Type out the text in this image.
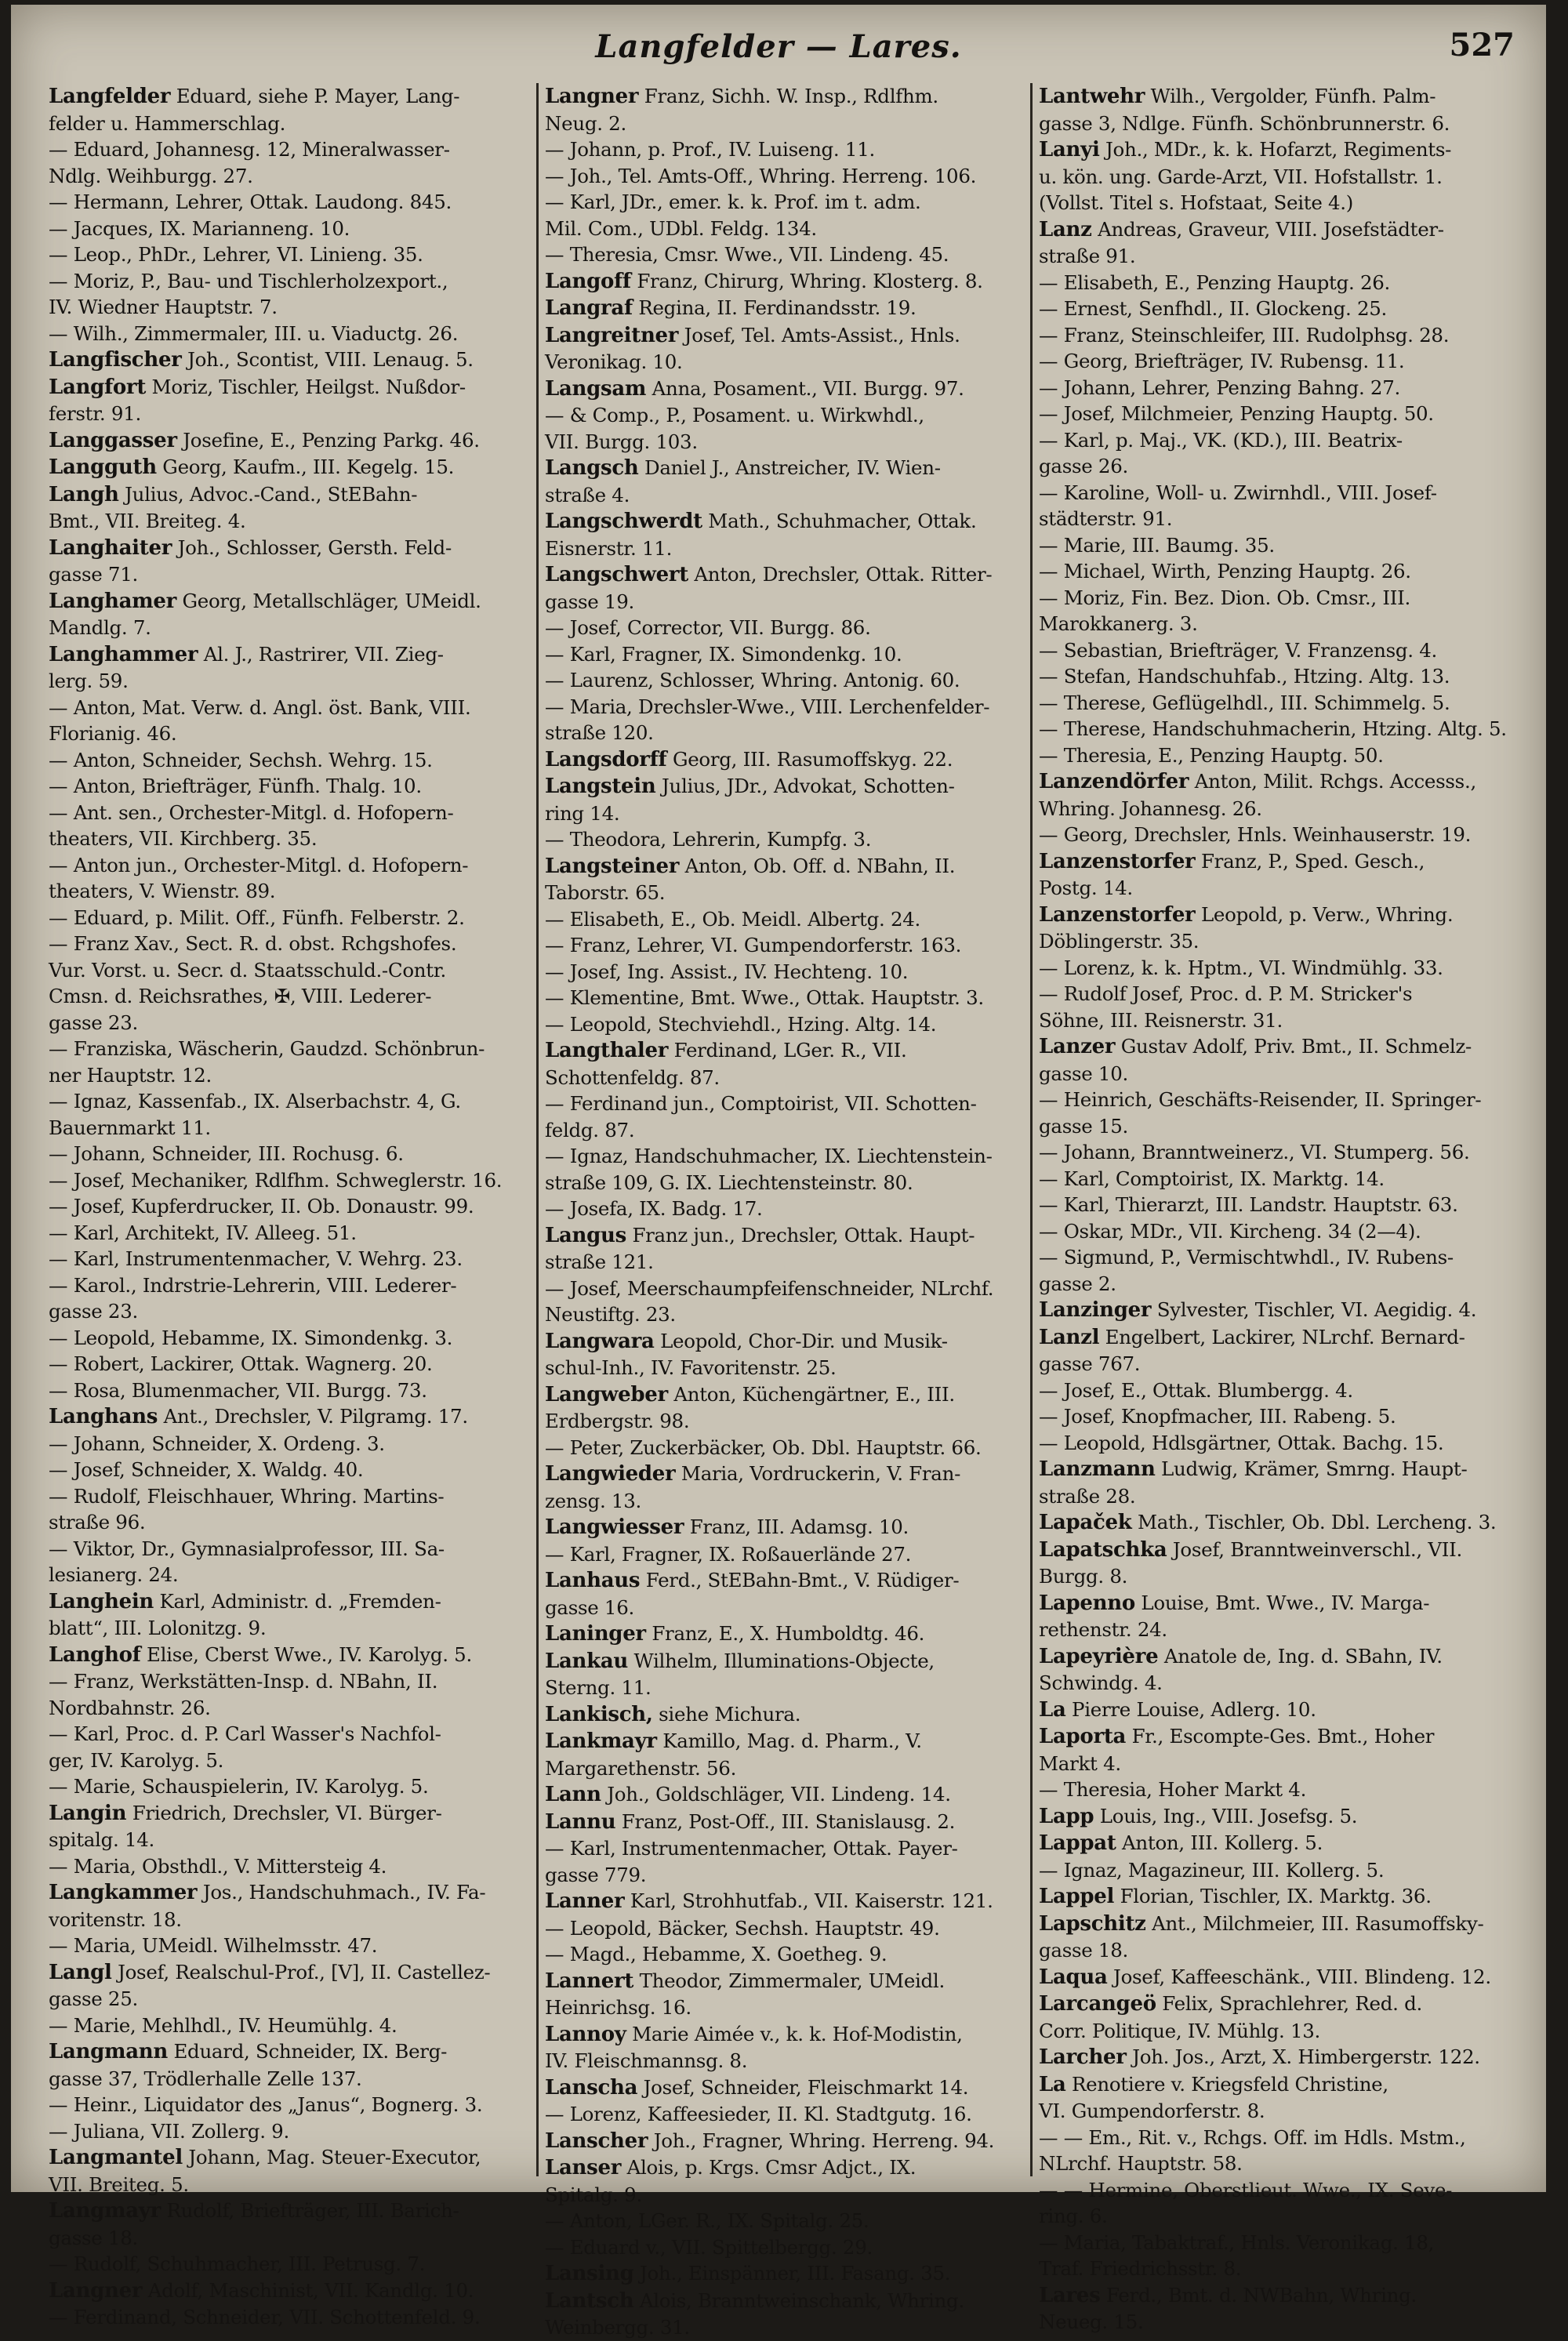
Langfelder — Lares.	527
Langfelder Eduard, siehe P. Mayer, Lang-
felder u. Hammerschlag.
— Eduard, Johannesg. 12, Mineralwasser-
Ndlg. Weihburgg. 27.
— Hermann, Lehrer, Ottak. Laudong. 845.
— Jacques, IX. Marianneng. 10.
— Leop., PhDr., Lehrer, VI. Linieng. 35.
— Moriz, P., Bau- und Tischlerholzexport.,
IV. Wiedner Hauptstr. 7.
— Wilh., Zimmermaler, III. u. Viaductg. 26.
Langfischer Joh., Scontist, VIII. Lenaug. 5.
Langfort Moriz, Tischler, Heilgst. Nußdor-
ferstr. 91.
Langgasser Josefine, E., Penzing Parkg. 46.
Langguth Georg, Kaufm., III. Kegelg. 15.
Langh Julius, Advoc.-Cand., StEBahn-
Bmt., VII. Breiteg. 4.
Langhaiter Joh., Schlosser, Gersth. Feld-
gasse 71.
Langhamer Georg, Metallschläger, UMeidl.
Mandlg. 7.
Langhammer Al. J., Rastrirer, VII. Zieg-
lerg. 59.
— Anton, Mat. Verw. d. Angl. öst. Bank, VIII.
Florianig. 46.
— Anton, Schneider, Sechsh. Wehrg. 15.
— Anton, Briefträger, Fünfh. Thalg. 10.
— Ant. sen., Orchester-Mitgl. d. Hofopern-
theaters, VII. Kirchberg. 35.
— Anton jun., Orchester-Mitgl. d. Hofopern-
theaters, V. Wienstr. 89.
— Eduard, p. Milit. Off., Fünfh. Felberstr. 2.
— Franz Xav., Sect. R. d. obst. Rchgshofes.
Vur. Vorst. u. Secr. d. Staatsschuld.-Contr.
Cmsn. d. Reichsrathes, ✠, VIII. Lederer-
gasse 23.
— Franziska, Wäscherin, Gaudzd. Schönbrun-
ner Hauptstr. 12.
— Ignaz, Kassenfab., IX. Alserbachstr. 4, G.
Bauernmarkt 11.
— Johann, Schneider, III. Rochusg. 6.
— Josef, Mechaniker, Rdlfhm. Schweglerstr. 16.
— Josef, Kupferdrucker, II. Ob. Donaustr. 99.
— Karl, Architekt, IV. Alleeg. 51.
— Karl, Instrumentenmacher, V. Wehrg. 23.
— Karol., Indrstrie-Lehrerin, VIII. Lederer-
gasse 23.
— Leopold, Hebamme, IX. Simondenkg. 3.
— Robert, Lackirer, Ottak. Wagnerg. 20.
— Rosa, Blumenmacher, VII. Burgg. 73.
Langhans Ant., Drechsler, V. Pilgramg. 17.
— Johann, Schneider, X. Ordeng. 3.
— Josef, Schneider, X. Waldg. 40.
— Rudolf, Fleischhauer, Whring. Martins-
straße 96.
— Viktor, Dr., Gymnasialprofessor, III. Sa-
lesianerg. 24.
Langhein Karl, Administr. d. „Fremden-
blatt“, III. Lolonitzg. 9.
Langhof Elise, Cberst Wwe., IV. Karolyg. 5.
— Franz, Werkstätten-Insp. d. NBahn, II.
Nordbahnstr. 26.
— Karl, Proc. d. P. Carl Wasser's Nachfol-
ger, IV. Karolyg. 5.
— Marie, Schauspielerin, IV. Karolyg. 5.
Langin Friedrich, Drechsler, VI. Bürger-
spitalg. 14.
— Maria, Obsthdl., V. Mittersteig 4.
Langkammer Jos., Handschuhmach., IV. Fa-
voritenstr. 18.
— Maria, UMeidl. Wilhelmsstr. 47.
Langl Josef, Realschul-Prof., [V], II. Castellez-
gasse 25.
— Marie, Mehlhdl., IV. Heumühlg. 4.
Langmann Eduard, Schneider, IX. Berg-
gasse 37, Trödlerhalle Zelle 137.
— Heinr., Liquidator des „Janus“, Bognerg. 3.
— Juliana, VII. Zollerg. 9.
Langmantel Johann, Mag. Steuer-Executor,
VII. Breiteg. 5.
Langmayr Rudolf, Briefträger, III. Barich-
gasse 18.
— Rudolf, Schuhmacher, III. Petrusg. 7.
Langner Adolf, Maschinist, VII. Kandlg. 10.
— Ferdinand, Schneider, VII. Schottenfeld. 9.
Langner Franz, Sichh. W. Insp., Rdlfhm.
Neug. 2.
— Johann, p. Prof., IV. Luiseng. 11.
— Joh., Tel. Amts-Off., Whring. Herreng. 106.
— Karl, JDr., emer. k. k. Prof. im t. adm.
Mil. Com., UDbl. Feldg. 134.
— Theresia, Cmsr. Wwe., VII. Lindeng. 45.
Langoff Franz, Chirurg, Whring. Klosterg. 8.
Langraf Regina, II. Ferdinandsstr. 19.
Langreitner Josef, Tel. Amts-Assist., Hnls.
Veronikag. 10.
Langsam Anna, Posament., VII. Burgg. 97.
— & Comp., P., Posament. u. Wirkwhdl.,
VII. Burgg. 103.
Langsch Daniel J., Anstreicher, IV. Wien-
straße 4.
Langschwerdt Math., Schuhmacher, Ottak.
Eisnerstr. 11.
Langschwert Anton, Drechsler, Ottak. Ritter-
gasse 19.
— Josef, Corrector, VII. Burgg. 86.
— Karl, Fragner, IX. Simondenkg. 10.
— Laurenz, Schlosser, Whring. Antonig. 60.
— Maria, Drechsler-Wwe., VIII. Lerchenfelder-
straße 120.
Langsdorff Georg, III. Rasumoffskyg. 22.
Langstein Julius, JDr., Advokat, Schotten-
ring 14.
— Theodora, Lehrerin, Kumpfg. 3.
Langsteiner Anton, Ob. Off. d. NBahn, II.
Taborstr. 65.
— Elisabeth, E., Ob. Meidl. Albertg. 24.
— Franz, Lehrer, VI. Gumpendorferstr. 163.
— Josef, Ing. Assist., IV. Hechteng. 10.
— Klementine, Bmt. Wwe., Ottak. Hauptstr. 3.
— Leopold, Stechviehdl., Hzing. Altg. 14.
Langthaler Ferdinand, LGer. R., VII.
Schottenfeldg. 87.
— Ferdinand jun., Comptoirist, VII. Schotten-
feldg. 87.
— Ignaz, Handschuhmacher, IX. Liechtenstein-
straße 109, G. IX. Liechtensteinstr. 80.
— Josefa, IX. Badg. 17.
Langus Franz jun., Drechsler, Ottak. Haupt-
straße 121.
— Josef, Meerschaumpfeifenschneider, NLrchf.
Neustiftg. 23.
Langwara Leopold, Chor-Dir. und Musik-
schul-Inh., IV. Favoritenstr. 25.
Langweber Anton, Küchengärtner, E., III.
Erdbergstr. 98.
— Peter, Zuckerbäcker, Ob. Dbl. Hauptstr. 66.
Langwieder Maria, Vordruckerin, V. Fran-
zensg. 13.
Langwiesser Franz, III. Adamsg. 10.
— Karl, Fragner, IX. Roßauerlände 27.
Lanhaus Ferd., StEBahn-Bmt., V. Rüdiger-
gasse 16.
Laninger Franz, E., X. Humboldtg. 46.
Lankau Wilhelm, Illuminations-Objecte,
Sterng. 11.
Lankisch, siehe Michura.
Lankmayr Kamillo, Mag. d. Pharm., V.
Margarethenstr. 56.
Lann Joh., Goldschläger, VII. Lindeng. 14.
Lannu Franz, Post-Off., III. Stanislausg. 2.
— Karl, Instrumentenmacher, Ottak. Payer-
gasse 779.
Lanner Karl, Strohhutfab., VII. Kaiserstr. 121.
— Leopold, Bäcker, Sechsh. Hauptstr. 49.
— Magd., Hebamme, X. Goetheg. 9.
Lannert Theodor, Zimmermaler, UMeidl.
Heinrichsg. 16.
Lannoy Marie Aimée v., k. k. Hof-Modistin,
IV. Fleischmannsg. 8.
Lanscha Josef, Schneider, Fleischmarkt 14.
— Lorenz, Kaffeesieder, II. Kl. Stadtgutg. 16.
Lanscher Joh., Fragner, Whring. Herreng. 94.
Lanser Alois, p. Krgs. Cmsr Adjct., IX.
Spitalg. 9.
— Anton, LGer. R., IX. Spitalg. 25.
— Eduard v., VII. Spittelbergg. 29.
Lansing Joh., Einspänner, III. Fasang. 35.
Lantsch Alois, Branntweinschank, Whring.
Weinbergg. 31.
Lantwehr Wilh., Vergolder, Fünfh. Palm-
gasse 3, Ndlge. Fünfh. Schönbrunnerstr. 6.
Lanyi Joh., MDr., k. k. Hofarzt, Regiments-
u. kön. ung. Garde-Arzt, VII. Hofstallstr. 1.
(Vollst. Titel s. Hofstaat, Seite 4.)
Lanz Andreas, Graveur, VIII. Josefstädter-
straße 91.
— Elisabeth, E., Penzing Hauptg. 26.
— Ernest, Senfhdl., II. Glockeng. 25.
— Franz, Steinschleifer, III. Rudolphsg. 28.
— Georg, Briefträger, IV. Rubensg. 11.
— Johann, Lehrer, Penzing Bahng. 27.
— Josef, Milchmeier, Penzing Hauptg. 50.
— Karl, p. Maj., VK. (KD.), III. Beatrix-
gasse 26.
— Karoline, Woll- u. Zwirnhdl., VIII. Josef-
städterstr. 91.
— Marie, III. Baumg. 35.
— Michael, Wirth, Penzing Hauptg. 26.
— Moriz, Fin. Bez. Dion. Ob. Cmsr., III.
Marokkanerg. 3.
— Sebastian, Briefträger, V. Franzensg. 4.
— Stefan, Handschuhfab., Htzing. Altg. 13.
— Therese, Geflügelhdl., III. Schimmelg. 5.
— Therese, Handschuhmacherin, Htzing. Altg. 5.
— Theresia, E., Penzing Hauptg. 50.
Lanzendörfer Anton, Milit. Rchgs. Accesss.,
Whring. Johannesg. 26.
— Georg, Drechsler, Hnls. Weinhauserstr. 19.
Lanzenstorfer Franz, P., Sped. Gesch.,
Postg. 14.
Lanzenstorfer Leopold, p. Verw., Whring.
Döblingerstr. 35.
— Lorenz, k. k. Hptm., VI. Windmühlg. 33.
— Rudolf Josef, Proc. d. P. M. Stricker's
Söhne, III. Reisnerstr. 31.
Lanzer Gustav Adolf, Priv. Bmt., II. Schmelz-
gasse 10.
— Heinrich, Geschäfts-Reisender, II. Springer-
gasse 15.
— Johann, Branntweinerz., VI. Stumperg. 56.
— Karl, Comptoirist, IX. Marktg. 14.
— Karl, Thierarzt, III. Landstr. Hauptstr. 63.
— Oskar, MDr., VII. Kircheng. 34 (2—4).
— Sigmund, P., Vermischtwhdl., IV. Rubens-
gasse 2.
Lanzinger Sylvester, Tischler, VI. Aegidig. 4.
Lanzl Engelbert, Lackirer, NLrchf. Bernard-
gasse 767.
— Josef, E., Ottak. Blumbergg. 4.
— Josef, Knopfmacher, III. Rabeng. 5.
— Leopold, Hdlsgärtner, Ottak. Bachg. 15.
Lanzmann Ludwig, Krämer, Smrng. Haupt-
straße 28.
Lapaček Math., Tischler, Ob. Dbl. Lercheng. 3.
Lapatschka Josef, Branntweinverschl., VII.
Burgg. 8.
Lapenno Louise, Bmt. Wwe., IV. Marga-
rethenstr. 24.
Lapeyrière Anatole de, Ing. d. SBahn, IV.
Schwindg. 4.
La Pierre Louise, Adlerg. 10.
Laporta Fr., Escompte-Ges. Bmt., Hoher
Markt 4.
— Theresia, Hoher Markt 4.
Lapp Louis, Ing., VIII. Josefsg. 5.
Lappat Anton, III. Kollerg. 5.
— Ignaz, Magazineur, III. Kollerg. 5.
Lappel Florian, Tischler, IX. Marktg. 36.
Lapschitz Ant., Milchmeier, III. Rasumoffsky-
gasse 18.
Laqua Josef, Kaffeeschänk., VIII. Blindeng. 12.
Larcangeö Felix, Sprachlehrer, Red. d.
Corr. Politique, IV. Mühlg. 13.
Larcher Joh. Jos., Arzt, X. Himbergerstr. 122.
La Renotiere v. Kriegsfeld Christine,
VI. Gumpendorferstr. 8.
— — Em., Rit. v., Rchgs. Off. im Hdls. Mstm.,
NLrchf. Hauptstr. 58.
— — Hermine, Oberstlieut. Wwe., IX. Seve-
ring. 6.
— Maria, Tabaktraf., Hnls. Veronikag. 18,
Traf. Friedrichsstr. 8.
Lares Ferd., Bmt. d. NWBahn, Whring.
Neueg. 15.
